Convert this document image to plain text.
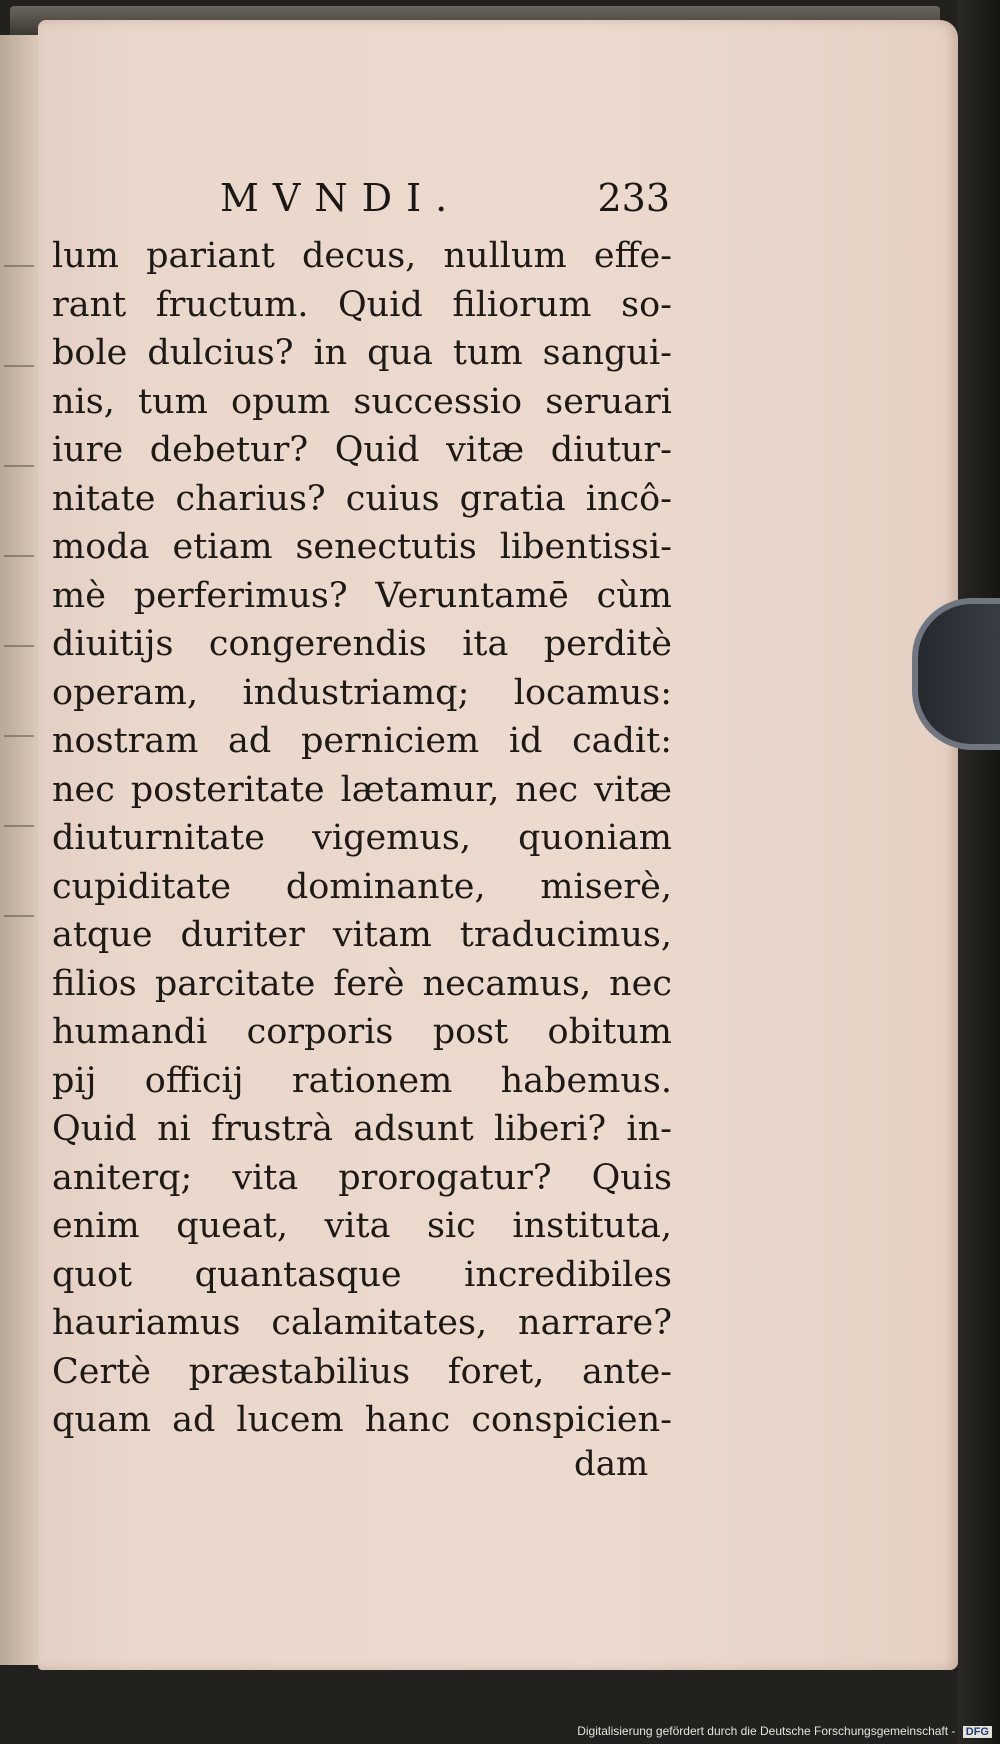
MVNDI.	233
lum pariant decus, nullum effe-
rant fructum. Quid filiorum so-
bole dulcius? in qua tum sangui-
nis, tum opum successio seruari
iure debetur? Quid vitæ diutur-
nitate charius? cuius gratia incô-
moda etiam senectutis libentissi-
mè perferimus? Veruntamē cùm
diuitijs congerendis ita perditè
operam, industriamq; locamus:
nostram ad perniciem id cadit:
nec posteritate lætamur, nec vitæ
diuturnitate vigemus, quoniam
cupiditate dominante, miserè,
atque duriter vitam traducimus,
filios parcitate ferè necamus, nec
humandi corporis post obitum
pij officij rationem habemus.
Quid ni frustrà adsunt liberi? in-
aniterq; vita prorogatur? Quis
enim queat, vita sic instituta,
quot quantasque incredibiles
hauriamus calamitates, narrare?
Certè præstabilius foret, ante-
quam ad lucem hanc conspicien-
dam
Digitalisierung gefördert durch die Deutsche Forschungsgemeinschaft - DFG
